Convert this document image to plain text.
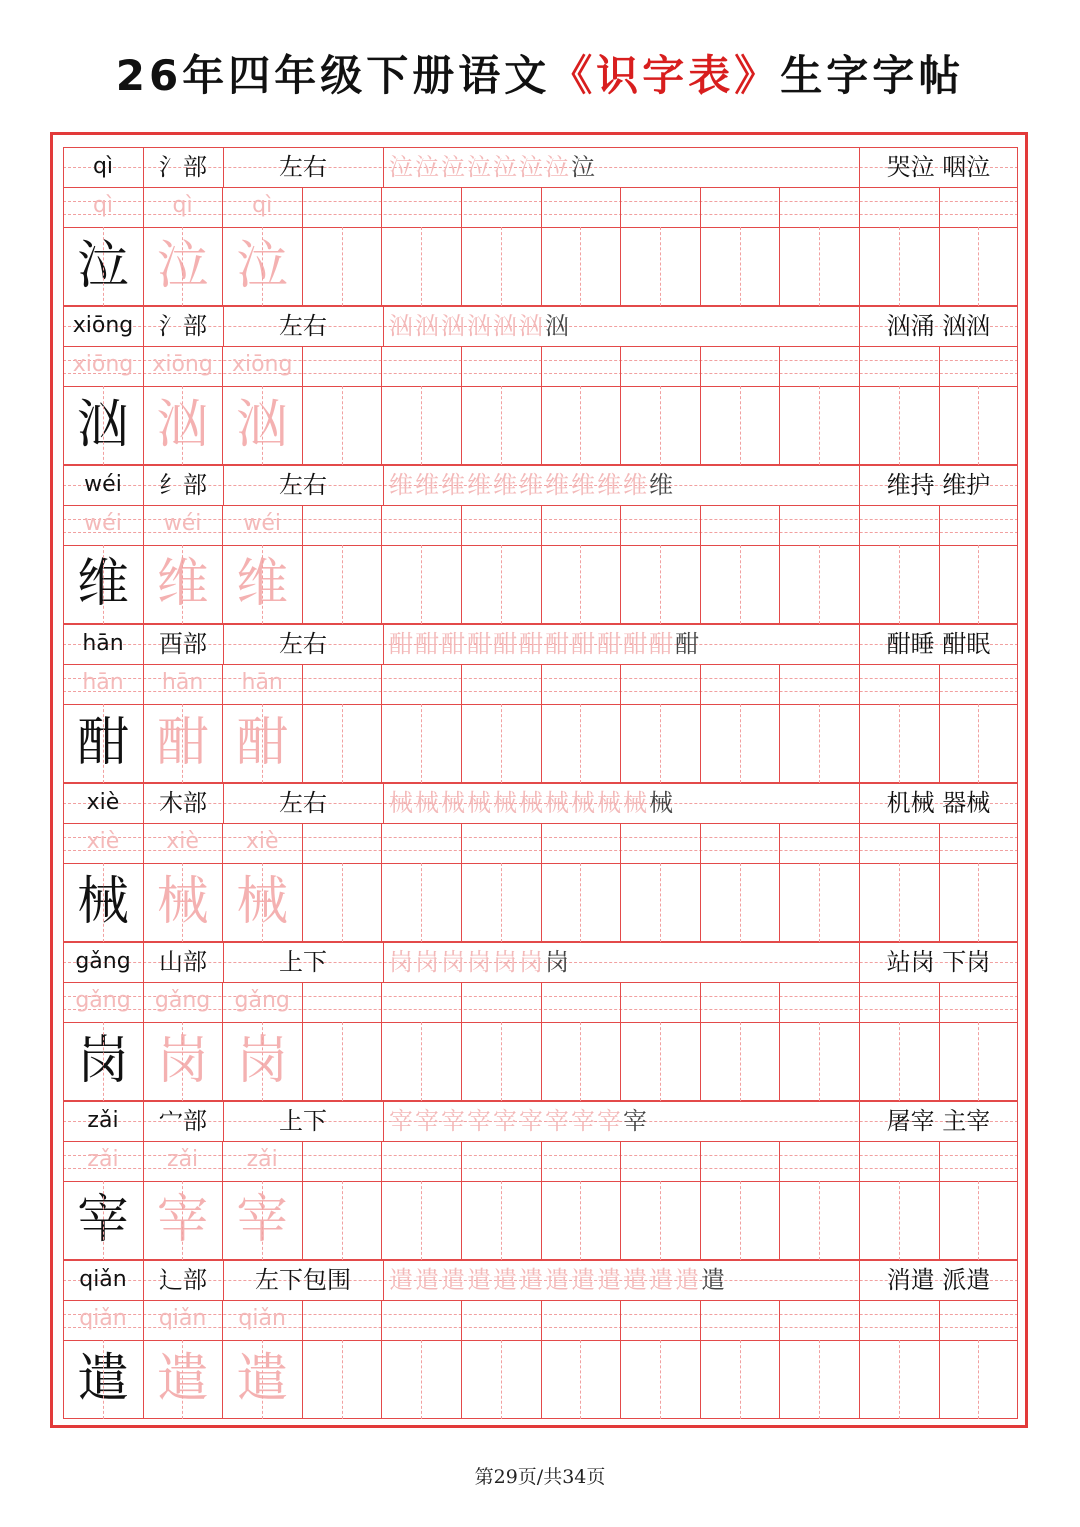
26年四年级下册语文《识字表》生字字帖
qì	氵部	左右	泣泣泣泣泣泣泣泣	哭泣 咽泣
qì	qì	qì
泣 泣 泣
xiōng	氵部	左右	汹汹汹汹汹汹汹	汹涌 汹汹
xiōng xiōng xiōng
汹 汹 汹
wéi	纟部	左右	维维维维维维维维维维维	维持 维护
wéi	wéi	wéi
维 维 维
hān	酉部	左右	酣酣酣酣酣酣酣酣酣酣酣酣	酣睡 酣眠
hān	hān	hān
酣 酣 酣
xiè	木部	左右	械械械械械械械械械械械	机械 器械
xiè	xiè	xiè
械 械 械
gǎng	山部	上下	岗岗岗岗岗岗岗	站岗 下岗
gǎng	gǎng	gǎng
岗 岗 岗
zǎi	宀部	上下	宰宰宰宰宰宰宰宰宰宰	屠宰 主宰
zǎi	zǎi	zǎi
宰 宰 宰
qiǎn	辶部	左下包围	遣遣遣遣遣遣遣遣遣遣遣遣遣	消遣 派遣
qiǎn	qiǎn	qiǎn
遣 遣 遣
第29页/共34页
